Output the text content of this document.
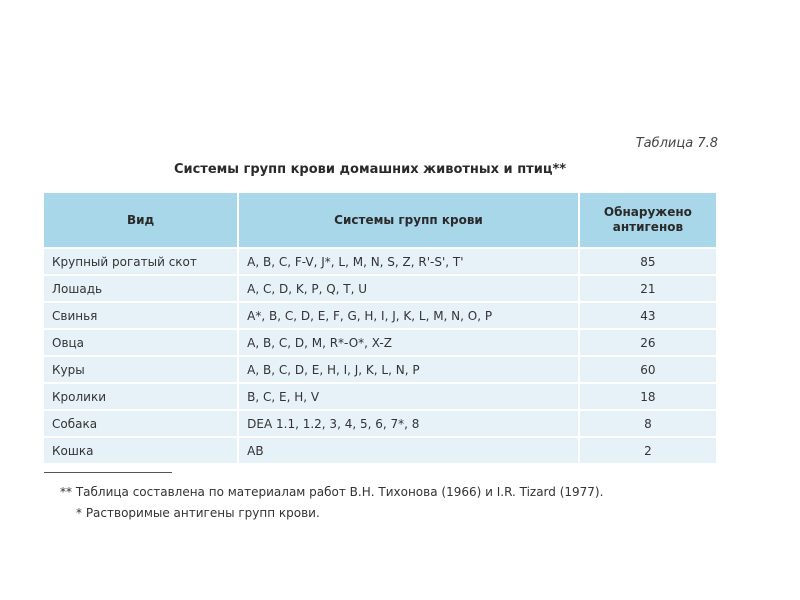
Таблица 7.8
Системы групп крови домашних животных и птиц**
Вид	Системы групп крови	Обнаружено антигенов
Крупный рогатый скот	A, B, C, F-V, J*, L, M, N, S, Z, R'-S', T'	85
Лошадь	A, C, D, K, P, Q, T, U	21
Свинья	A*, B, C, D, E, F, G, H, I, J, K, L, M, N, O, P	43
Овца	A, B, C, D, M, R*-O*, X-Z	26
Куры	A, B, C, D, E, H, I, J, K, L, N, P	60
Кролики	B, C, E, H, V	18
Собака	DEA 1.1, 1.2, 3, 4, 5, 6, 7*, 8	8
Кошка	AB	2
** Таблица составлена по материалам работ В.Н. Тихонова (1966) и I.R. Tizard (1977).
* Растворимые антигены групп крови.
